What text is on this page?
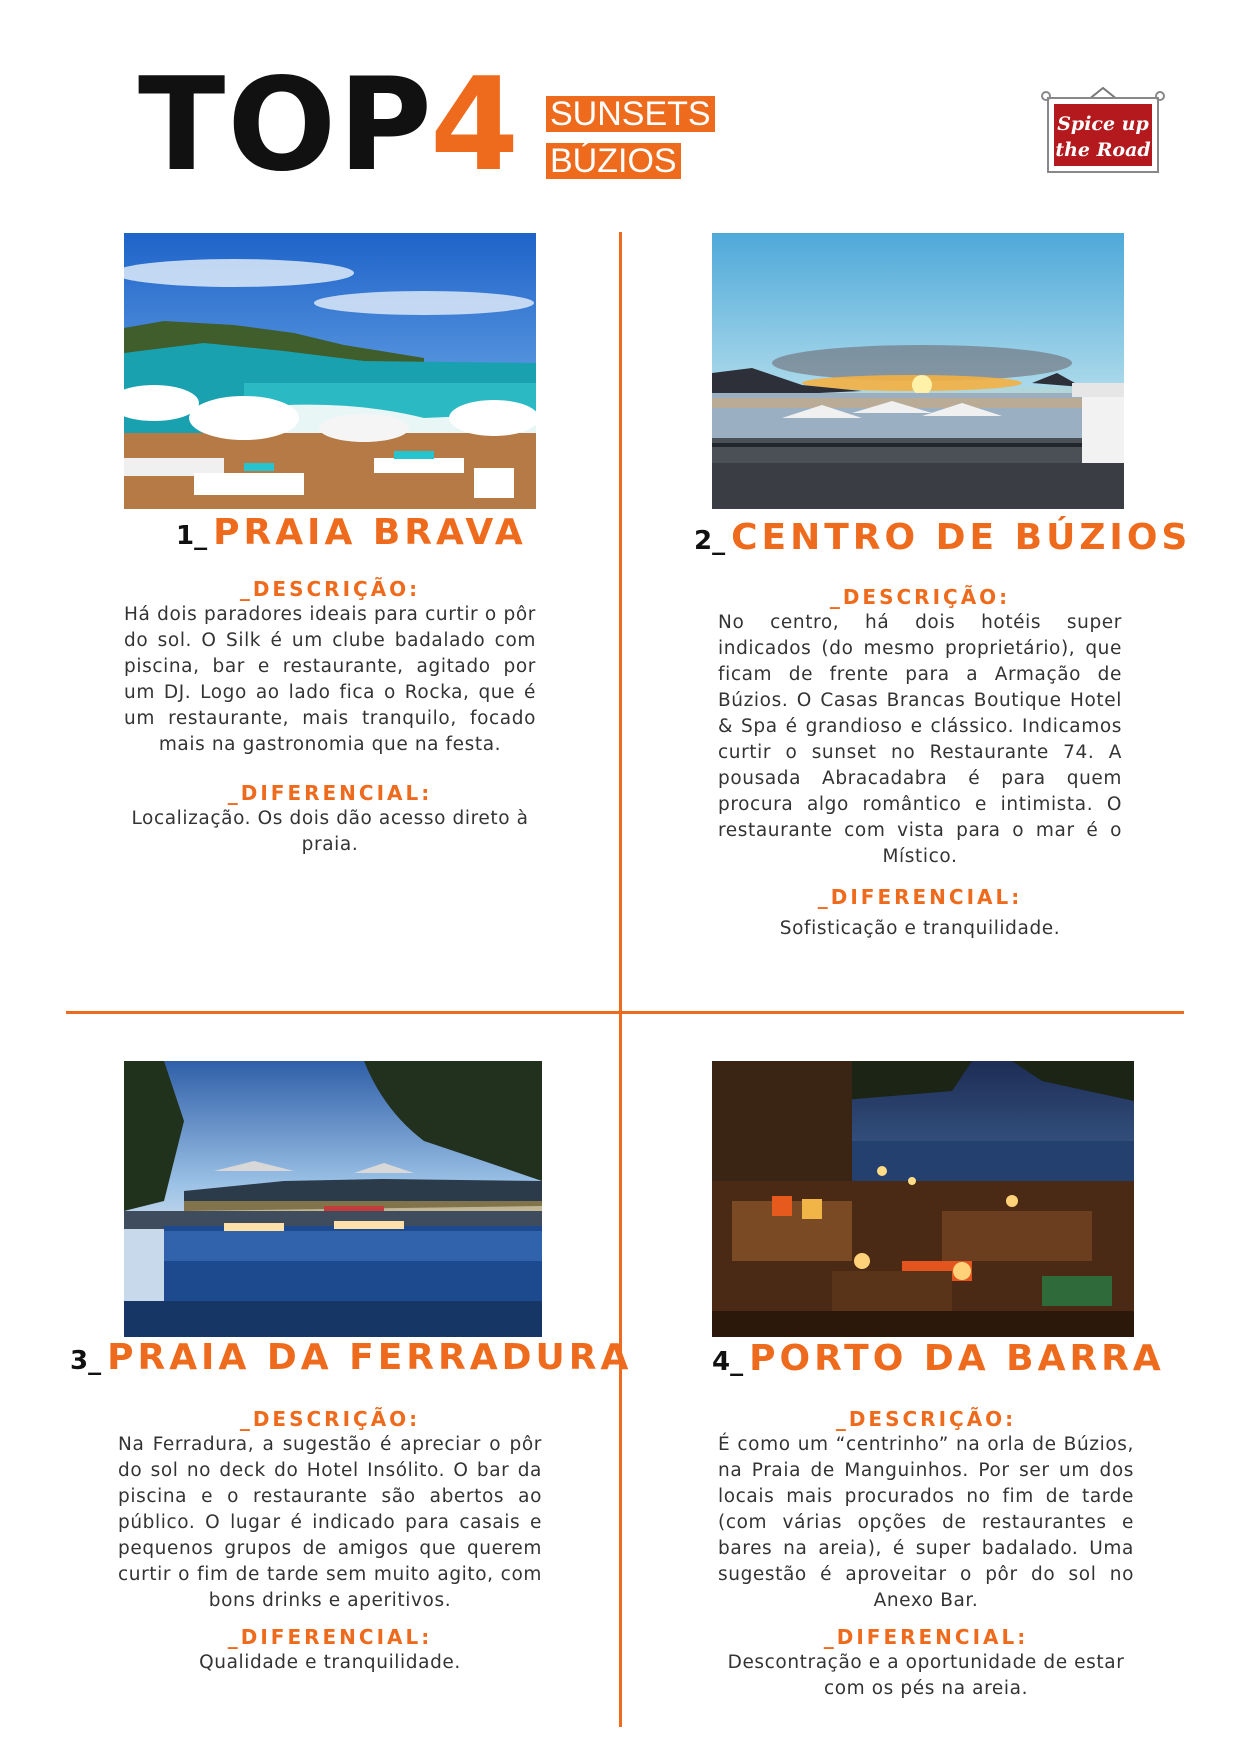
TOP
4 SUNSETS
BÚZIOS
Spice up
the Road
1_ PRAIA BRAVA
_DESCRIÇÃO:
Há dois paradores ideais para curtir o pôr do sol. O Silk é um clube badalado com piscina, bar e restaurante, agitado por um DJ. Logo ao lado fica o Rocka, que é um restaurante, mais tranquilo, focado mais na gastronomia que na festa.
_DIFERENCIAL:
Localização. Os dois dão acesso direto à praia.
2_ CENTRO DE BÚZIOS
_DESCRIÇÃO:
No centro, há dois hotéis super indicados (do mesmo proprietário), que ficam de frente para a Armação de Búzios. O Casas Brancas Boutique Hotel & Spa é grandioso e clássico. Indicamos curtir o sunset no Restaurante 74. A pousada Abracadabra é para quem procura algo romântico e intimista. O restaurante com vista para o mar é o Místico.
_DIFERENCIAL:
Sofisticação e tranquilidade.
3_ PRAIA DA FERRADURA
_DESCRIÇÃO:
Na Ferradura, a sugestão é apreciar o pôr do sol no deck do Hotel Insólito. O bar da piscina e o restaurante são abertos ao público. O lugar é indicado para casais e pequenos grupos de amigos que querem curtir o fim de tarde sem muito agito, com bons drinks e aperitivos.
_DIFERENCIAL:
Qualidade e tranquilidade.
4_ PORTO DA BARRA
_DESCRIÇÃO:
É como um “centrinho” na orla de Búzios, na Praia de Manguinhos. Por ser um dos locais mais procurados no fim de tarde (com várias opções de restaurantes e bares na areia), é super badalado. Uma sugestão é aproveitar o pôr do sol no Anexo Bar.
_DIFERENCIAL:
Descontração e a oportunidade de estar com os pés na areia.
